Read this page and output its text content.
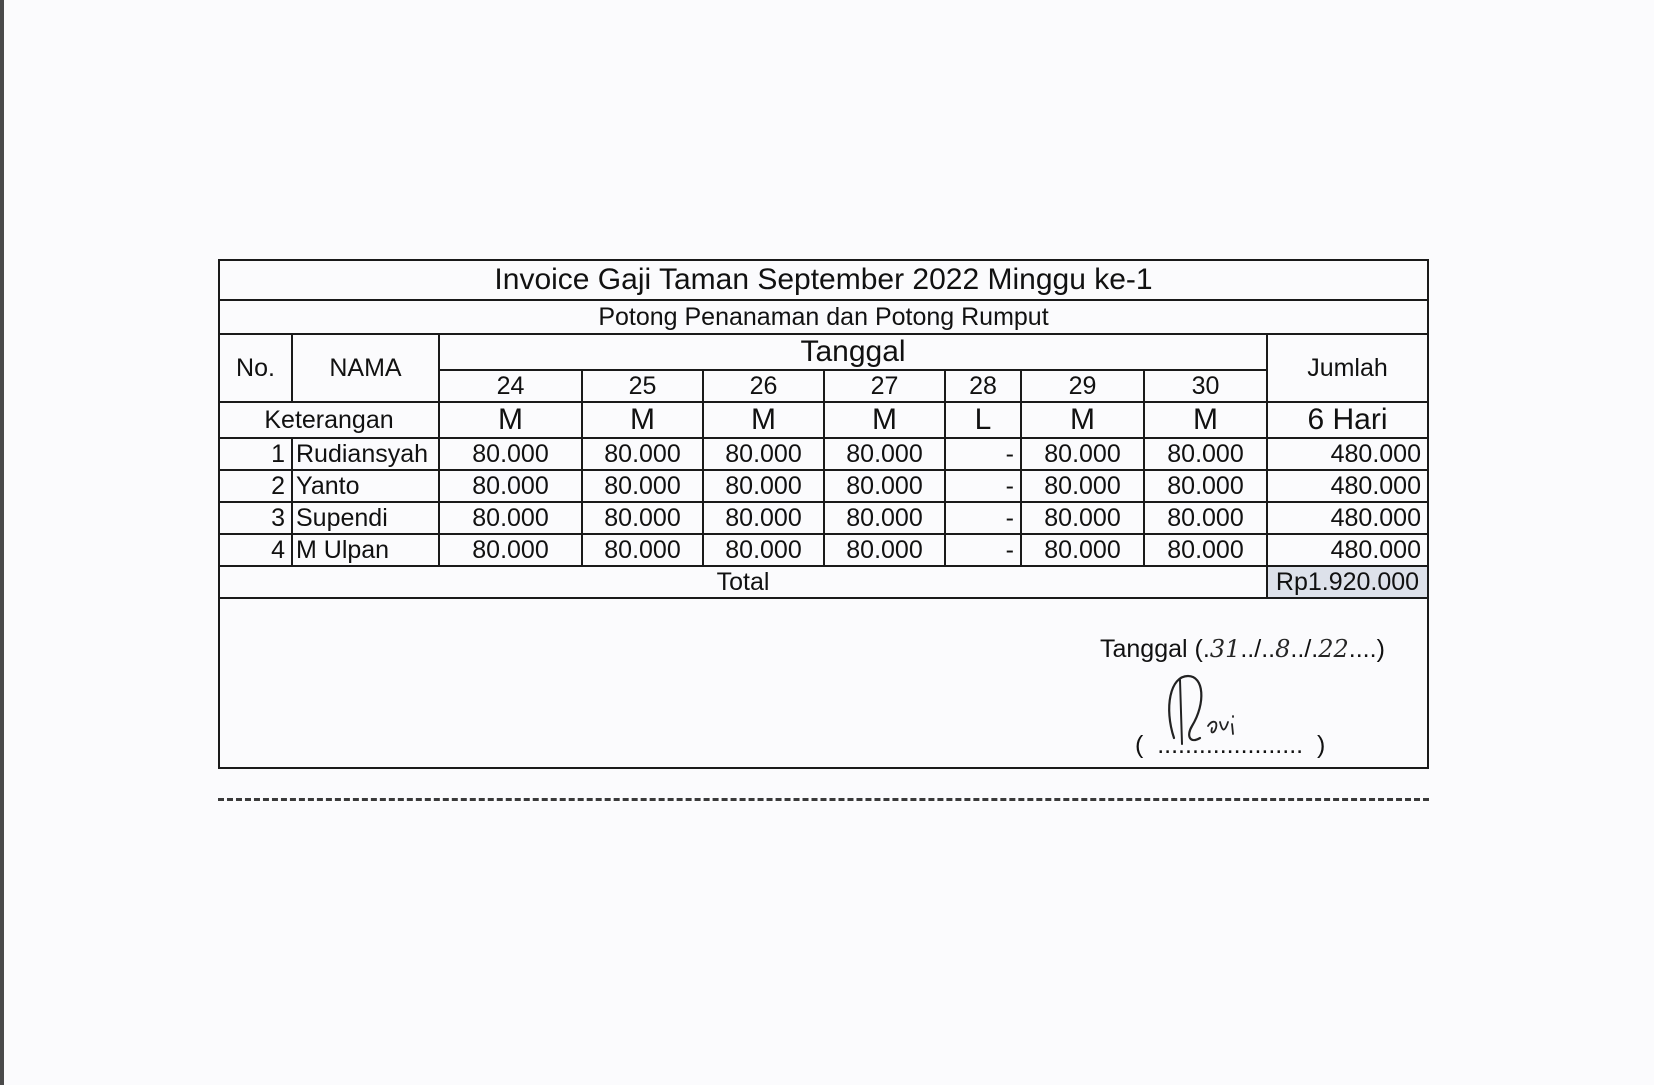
Invoice Gaji Taman September 2022 Minggu ke-1									
Potong Penanaman dan Potong Rumput									
No.	NAMA	Tanggal							Jumlah
		24	25	26	27	28	29	30	
Keterangan		M	M	M	M	L	M	M	6 Hari
1	Rudiansyah	80.000	80.000	80.000	80.000	-	80.000	80.000	480.000
2	Yanto	80.000	80.000	80.000	80.000	-	80.000	80.000	480.000
3	Supendi	80.000	80.000	80.000	80.000	-	80.000	80.000	480.000
4	M Ulpan	80.000	80.000	80.000	80.000	-	80.000	80.000	480.000
Total									Rp1.920.000
Tanggal (.31../..8../.22....)
(  .....................  )
